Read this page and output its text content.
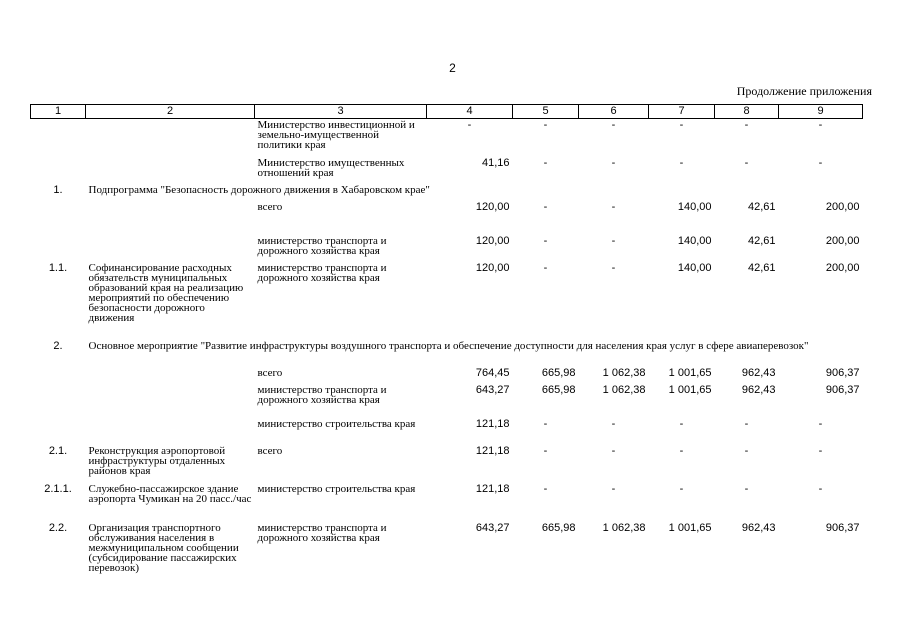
2
Продолжение приложения
1	2	3	4	5	6	7	8	9
		Министерство инвестиционной и земельно-имущественной политики края	-	-	-	-	-	-
		Министерство имущественных отношений края	41,16	-	-	-	-	-
1.	Подпрограмма "Безопасность дорожного движения в Хабаровском крае"							
		всего	120,00	-	-	140,00	42,61	200,00
		министерство транспорта и дорожного хозяйства края	120,00	-	-	140,00	42,61	200,00
1.1.	Софинансирование расходных обязательств муниципальных образований края на реализацию мероприятий по обеспечению безопасности дорожного движения	министерство транспорта и дорожного хозяйства края	120,00	-	-	140,00	42,61	200,00
2.	Основное мероприятие "Развитие инфраструктуры воздушного транспорта и обеспечение доступности для населения края услуг в сфере авиаперевозок"							
		всего	764,45	665,98	1 062,38	1 001,65	962,43	906,37
		министерство транспорта и дорожного хозяйства края	643,27	665,98	1 062,38	1 001,65	962,43	906,37
		министерство строительства края	121,18	-	-	-	-	-
2.1.	Реконструкция аэропортовой инфраструктуры отдаленных районов края	всего	121,18	-	-	-	-	-
2.1.1.	Служебно-пассажирское здание аэропорта Чумикан на 20 пасс./час	министерство строительства края	121,18	-	-	-	-	-
2.2.	Организация транспортного обслуживания населения в межмуниципальном сообщении (субсидирование пассажирских перевозок)	министерство транспорта и дорожного хозяйства края	643,27	665,98	1 062,38	1 001,65	962,43	906,37
